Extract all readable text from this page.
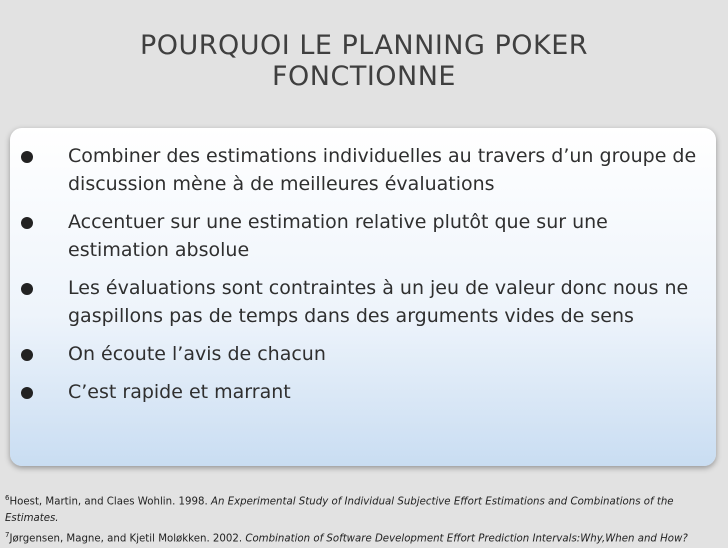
POURQUOI LE PLANNING POKER
FONCTIONNE
Combiner des estimations individuelles au travers d’un groupe de discussion mène à de meilleures évaluations
Accentuer sur une estimation relative plutôt que sur une estimation absolue
Les évaluations sont contraintes à un jeu de valeur donc nous ne gaspillons pas de temps dans des arguments vides de sens
On écoute l’avis de chacun
C’est rapide et marrant

$^6$Hoest, Martin, and Claes Wohlin. 1998. An Experimental Study of Individual Subjective Effort Estimations and Combinations of the Estimates.

$^7$Jørgensen, Magne, and Kjetil Moløkken. 2002. Combination of Software Development Effort Prediction Intervals:Why,When and How?
